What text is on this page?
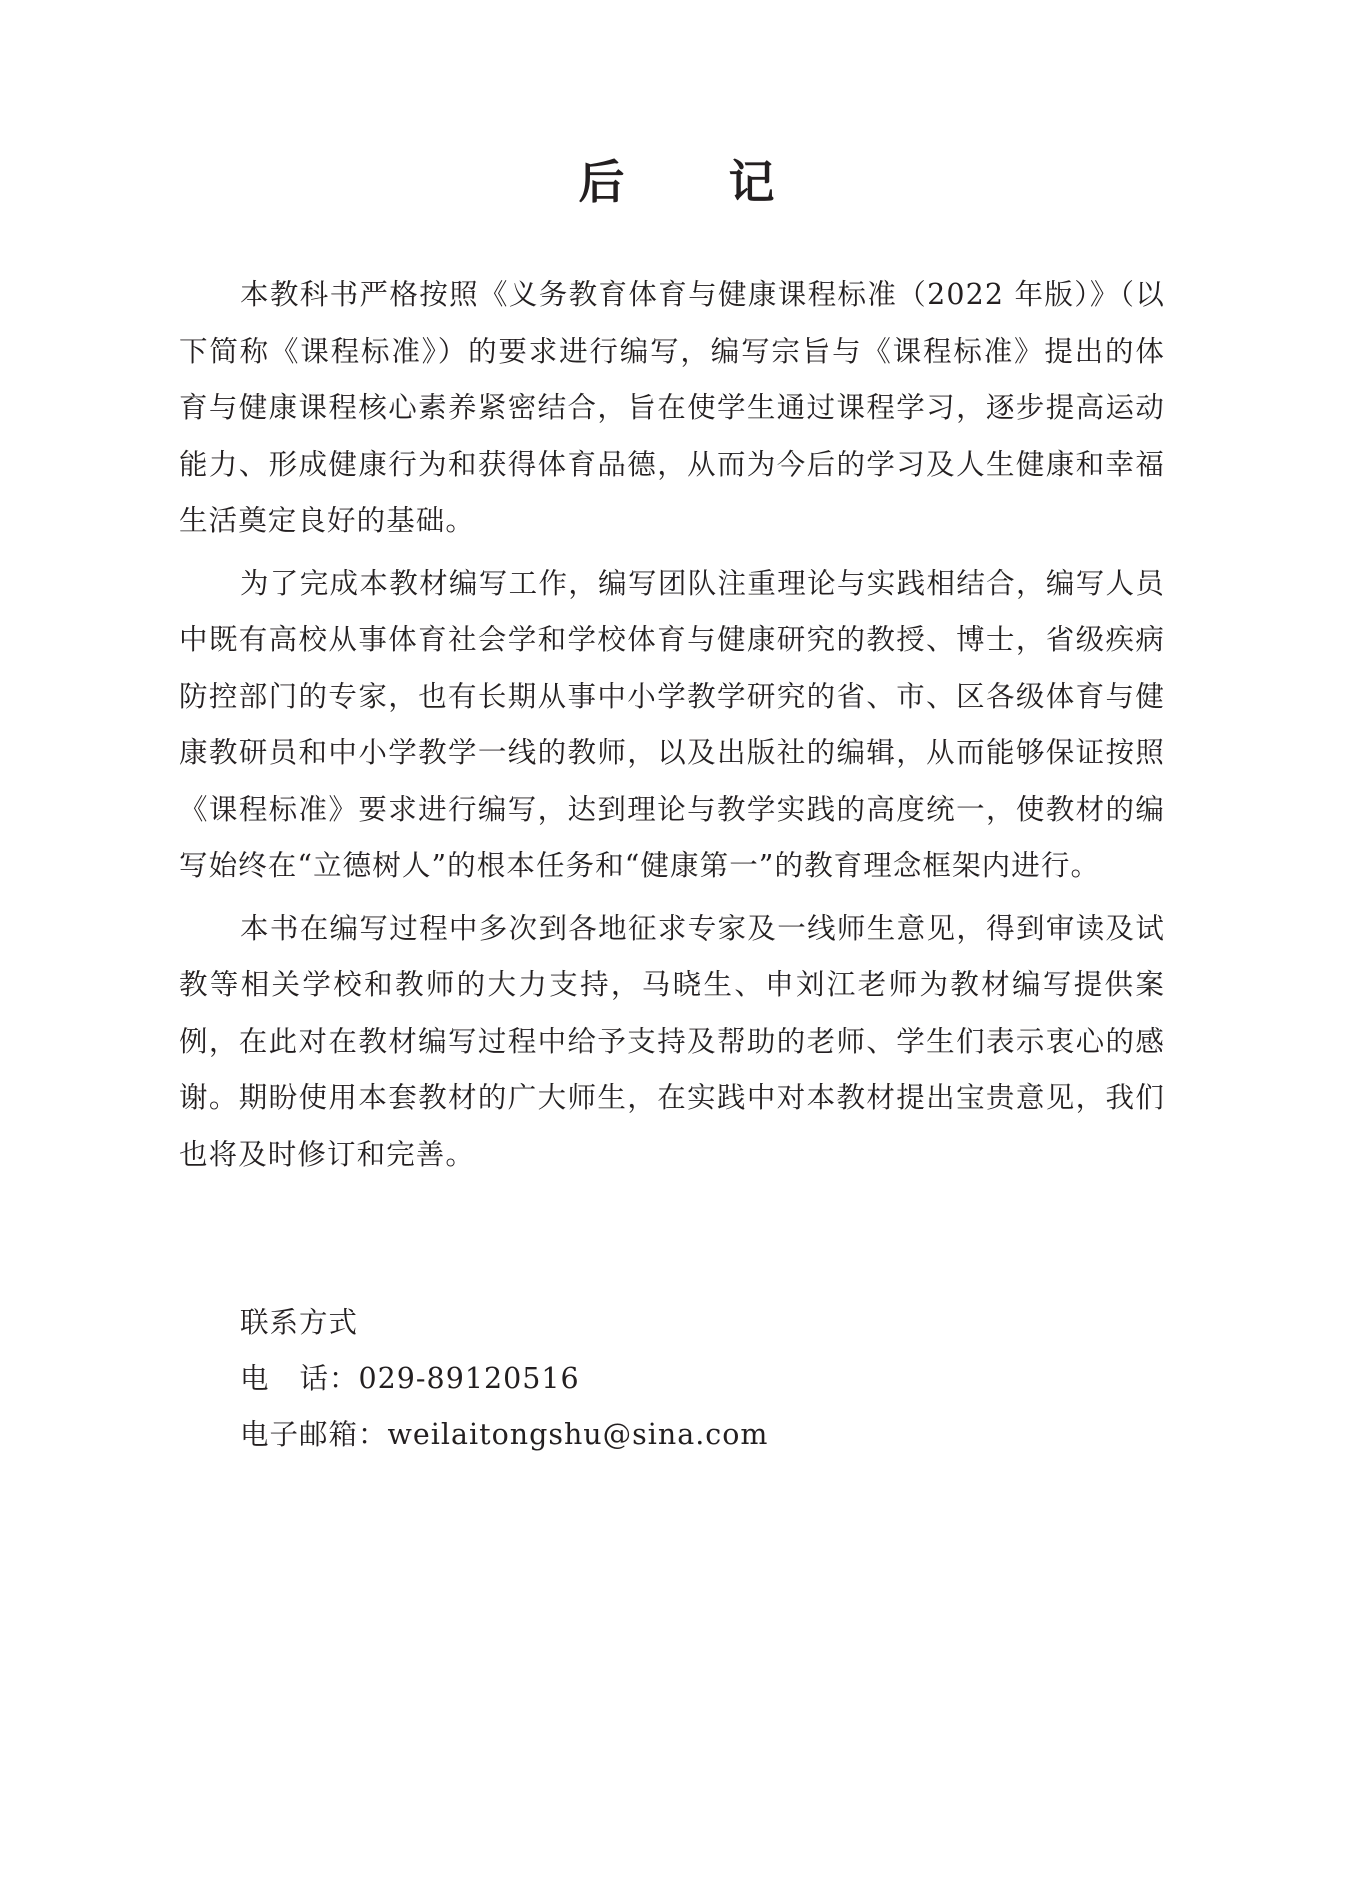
后 记

本教科书严格按照《义务教育体育与健康课程标准（2022 年版）》（以下简称《课程标准》）的要求进行编写，编写宗旨与《课程标准》提出的体育与健康课程核心素养紧密结合，旨在使学生通过课程学习，逐步提高运动能力、形成健康行为和获得体育品德，从而为今后的学习及人生健康和幸福生活奠定良好的基础。

为了完成本教材编写工作，编写团队注重理论与实践相结合，编写人员中既有高校从事体育社会学和学校体育与健康研究的教授、博士，省级疾病防控部门的专家，也有长期从事中小学教学研究的省、市、区各级体育与健康教研员和中小学教学一线的教师，以及出版社的编辑，从而能够保证按照《课程标准》要求进行编写，达到理论与教学实践的高度统一，使教材的编写始终在“立德树人”的根本任务和“健康第一”的教育理念框架内进行。

本书在编写过程中多次到各地征求专家及一线师生意见，得到审读及试教等相关学校和教师的大力支持，马晓生、申刘江老师为教材编写提供案例，在此对在教材编写过程中给予支持及帮助的老师、学生们表示衷心的感谢。期盼使用本套教材的广大师生，在实践中对本教材提出宝贵意见，我们也将及时修订和完善。

联系方式
电 话：029-89120516
电子邮箱：weilaitongshu@sina.com
